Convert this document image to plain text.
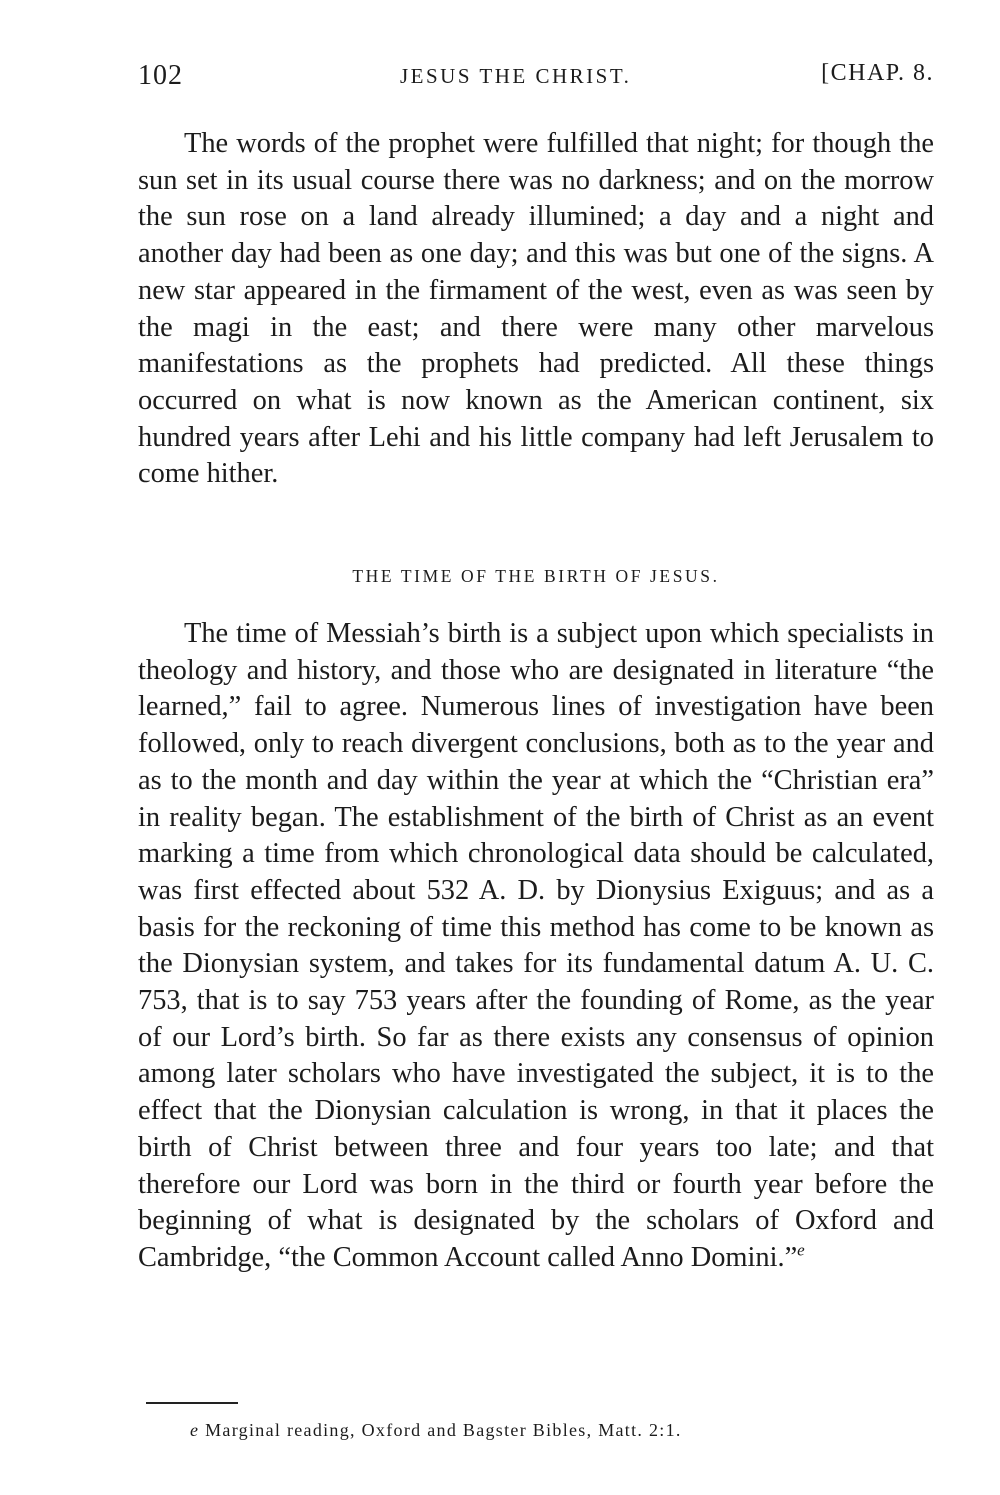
102	JESUS THE CHRIST.	[CHAP. 8.

The words of the prophet were fulfilled that night; for though the sun set in its usual course there was no darkness; and on the morrow the sun rose on a land already illumined; a day and a night and another day had been as one day; and this was but one of the signs. A new star appeared in the firmament of the west, even as was seen by the magi in the east; and there were many other marvelous manifestations as the prophets had predicted. All these things occurred on what is now known as the American continent, six hundred years after Lehi and his little company had left Jerusalem to come hither.

THE TIME OF THE BIRTH OF JESUS.

The time of Messiah’s birth is a subject upon which specialists in theology and history, and those who are designated in literature “the learned,” fail to agree. Numerous lines of investigation have been followed, only to reach divergent conclusions, both as to the year and as to the month and day within the year at which the “Christian era” in reality began. The establishment of the birth of Christ as an event marking a time from which chronological data should be calculated, was first effected about 532 A. D. by Dionysius Exiguus; and as a basis for the reckoning of time this method has come to be known as the Dionysian system, and takes for its fundamental datum A. U. C. 753, that is to say 753 years after the founding of Rome, as the year of our Lord’s birth. So far as there exists any consensus of opinion among later scholars who have investigated the subject, it is to the effect that the Dionysian calculation is wrong, in that it places the birth of Christ between three and four years too late; and that therefore our Lord was born in the third or fourth year before the beginning of what is designated by the scholars of Oxford and Cambridge, “the Common Account called Anno Domini.”$^e$

e Marginal reading, Oxford and Bagster Bibles, Matt. 2:1.
